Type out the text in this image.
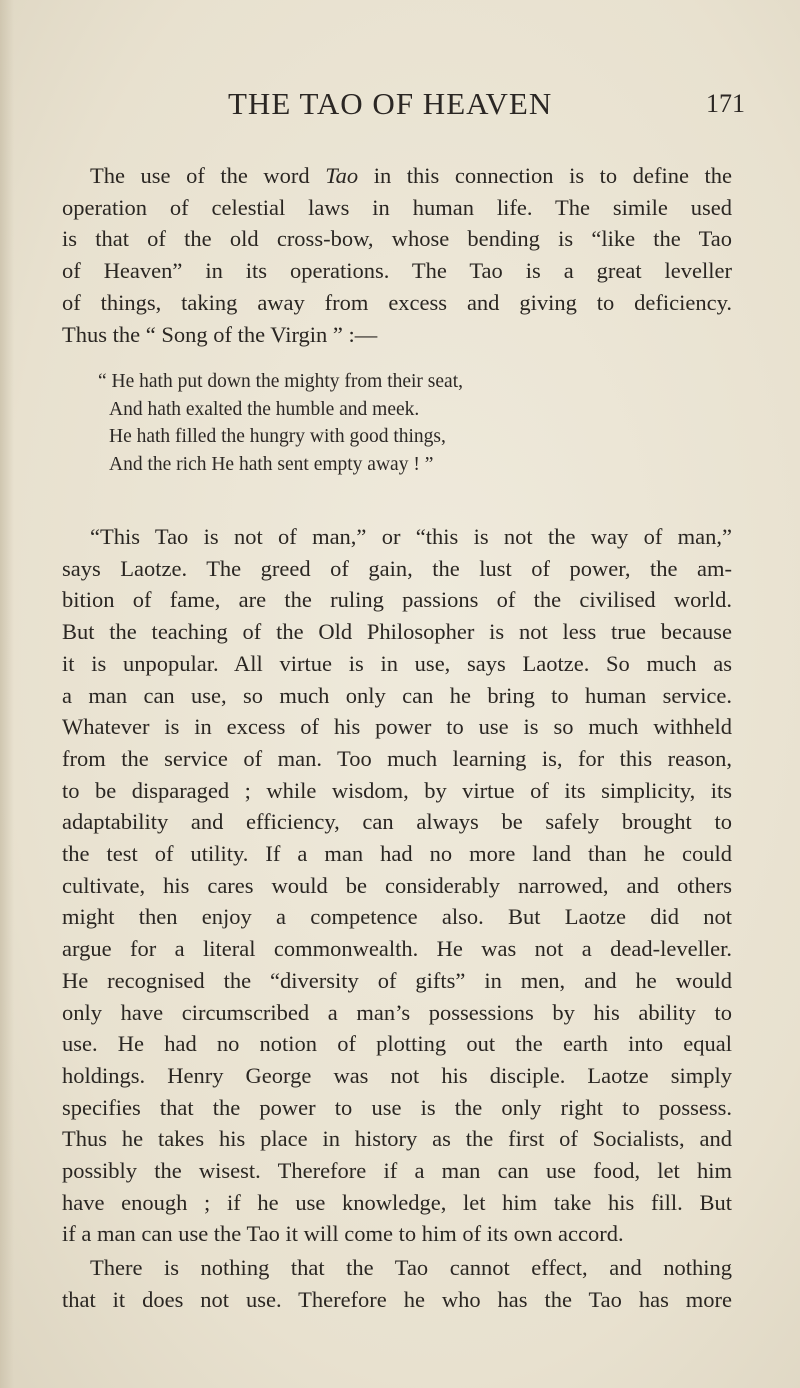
THE TAO OF HEAVEN	171
The use of the word Tao in this connection is to define the
operation of celestial laws in human life. The simile used
is that of the old cross-bow, whose bending is “like the Tao
of Heaven” in its operations. The Tao is a great leveller
of things, taking away from excess and giving to deficiency.
Thus the “ Song of the Virgin ” :—
“ He hath put down the mighty from their seat,
And hath exalted the humble and meek.
He hath filled the hungry with good things,
And the rich He hath sent empty away ! ”
“This Tao is not of man,” or “this is not the way of man,”
says Laotze. The greed of gain, the lust of power, the am-
bition of fame, are the ruling passions of the civilised world.
But the teaching of the Old Philosopher is not less true because
it is unpopular. All virtue is in use, says Laotze. So much as
a man can use, so much only can he bring to human service.
Whatever is in excess of his power to use is so much withheld
from the service of man. Too much learning is, for this reason,
to be disparaged ; while wisdom, by virtue of its simplicity, its
adaptability and efficiency, can always be safely brought to
the test of utility. If a man had no more land than he could
cultivate, his cares would be considerably narrowed, and others
might then enjoy a competence also. But Laotze did not
argue for a literal commonwealth. He was not a dead-leveller.
He recognised the “diversity of gifts” in men, and he would
only have circumscribed a man’s possessions by his ability to
use. He had no notion of plotting out the earth into equal
holdings. Henry George was not his disciple. Laotze simply
specifies that the power to use is the only right to possess.
Thus he takes his place in history as the first of Socialists, and
possibly the wisest. Therefore if a man can use food, let him
have enough ; if he use knowledge, let him take his fill. But
if a man can use the Tao it will come to him of its own accord.
There is nothing that the Tao cannot effect, and nothing
that it does not use. Therefore he who has the Tao has more
